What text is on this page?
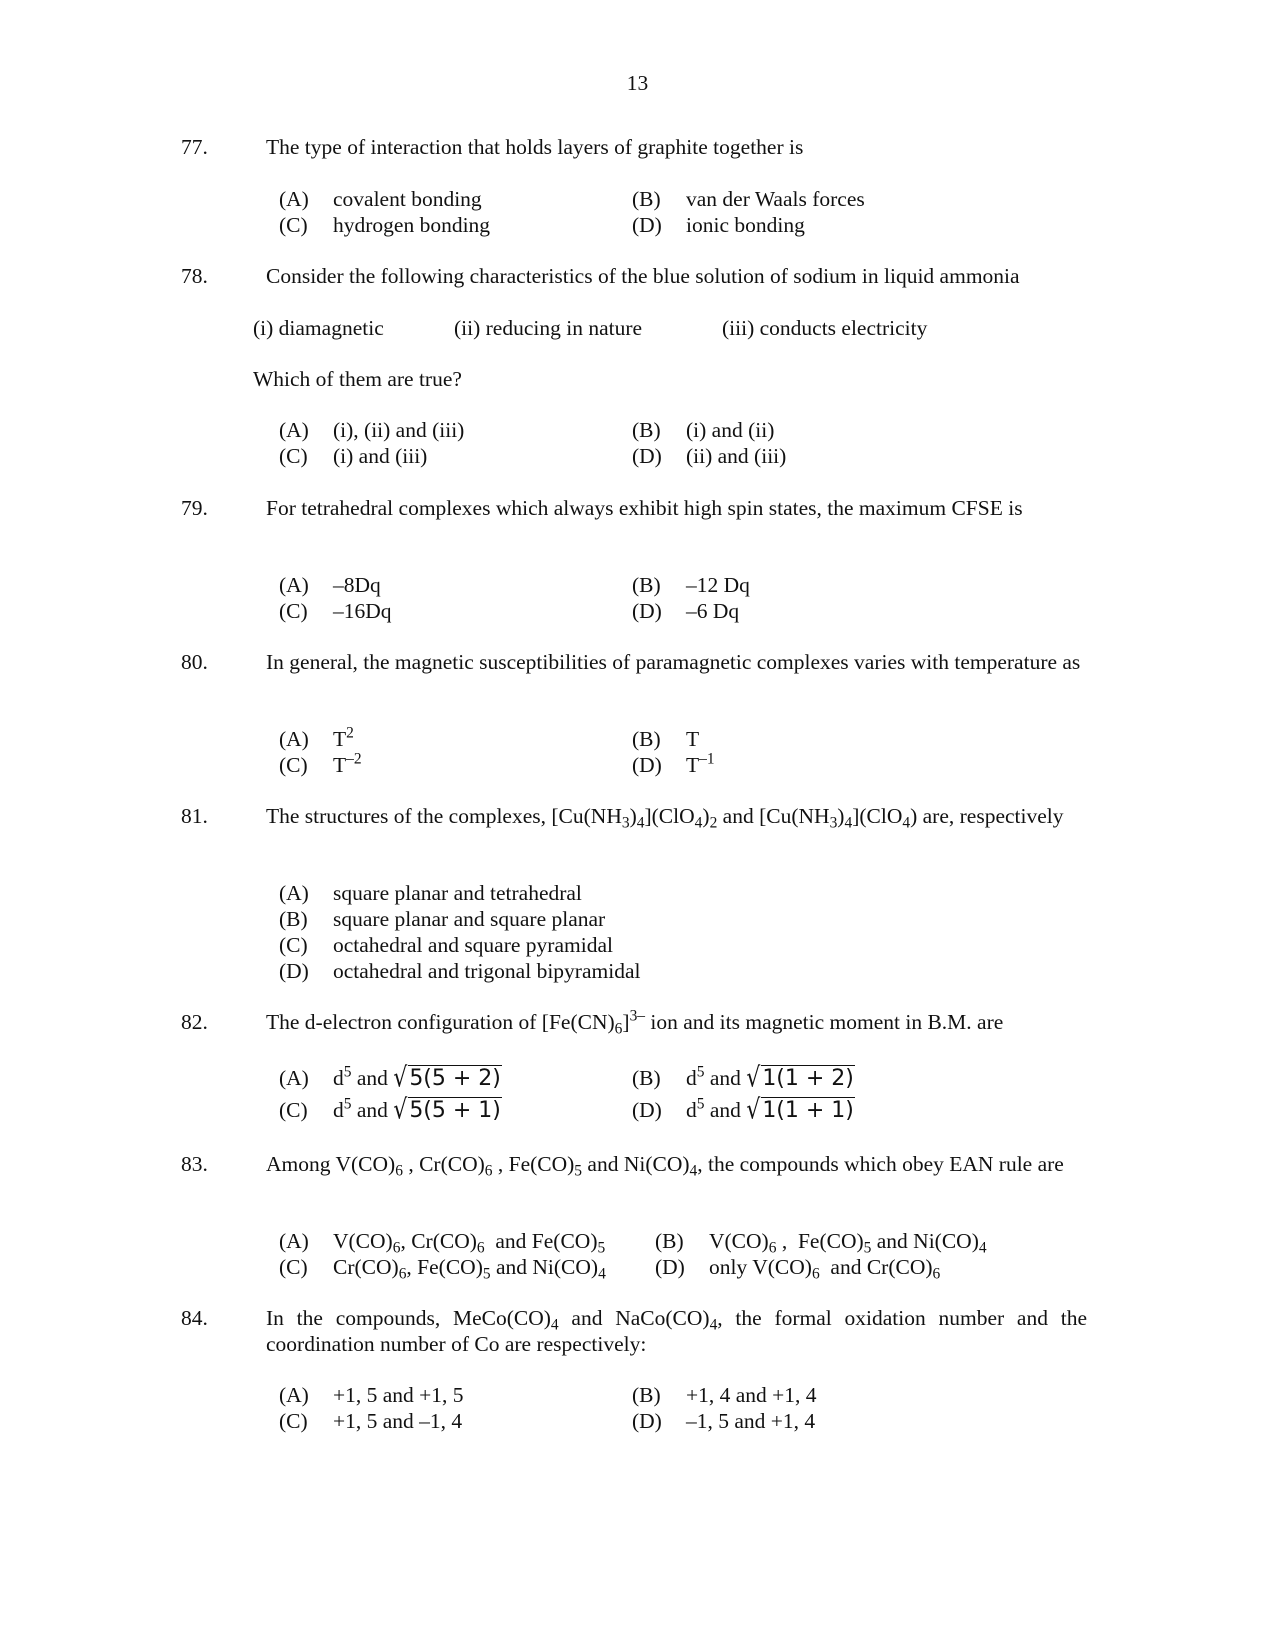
13
77.	The type of interaction that holds layers of graphite together is
(A) covalent bonding	(B) van der Waals forces
(C) hydrogen bonding	(D) ionic bonding
78.	Consider the following characteristics of the blue solution of sodium in liquid ammonia
(i) diamagnetic	(ii) reducing in nature	(iii) conducts electricity
Which of them are true?
(A) (i), (ii) and (iii)	(B) (i) and (ii)
(C) (i) and (iii)	(D) (ii) and (iii)
79.	For tetrahedral complexes which always exhibit high spin states, the maximum CFSE is
(A) –8Dq	(B) –12 Dq
(C) –16Dq	(D) –6 Dq
80.	In general, the magnetic susceptibilities of paramagnetic complexes varies with temperature as
(A) $T^2$	(B) T
(C) $T^{-2}$	(D) $T^{-1}$
81.	The structures of the complexes, $[Cu(NH_3)_4](ClO_4)_2$ and $[Cu(NH_3)_4](ClO_4)$ are, respectively
(A) square planar and tetrahedral
(B) square planar and square planar
(C) octahedral and square pyramidal
(D) octahedral and trigonal bipyramidal
82.	The d-electron configuration of $[Fe(CN)_6]^{3-}$ ion and its magnetic moment in B.M. are
(A) $d^5$ and √5(5 + 2)	(B) $d^5$ and √1(1 + 2)
(C) $d^5$ and √5(5 + 1)	(D) $d^5$ and √1(1 + 1)
83.	Among $V(CO)_6$ , $Cr(CO)_6$ , $Fe(CO)_5$ and $Ni(CO)_4$, the compounds which obey EAN rule are
(A) $V(CO)_6$, $Cr(CO)_6$  and $Fe(CO)_5$ (B) $V(CO)_6$ ,  $Fe(CO)_5$ and $Ni(CO)_4$
(C) $Cr(CO)_6$, $Fe(CO)_5$ and $Ni(CO)_4$ (D) only $V(CO)_6$  and $Cr(CO)_6$
84.	In the compounds, $MeCo(CO)_4$ and $NaCo(CO)_4$, the formal oxidation number and the coordination number of Co are respectively:
(A) +1, 5 and +1, 5	(B) +1, 4 and +1, 4
(C) +1, 5 and –1, 4	(D) –1, 5 and +1, 4
